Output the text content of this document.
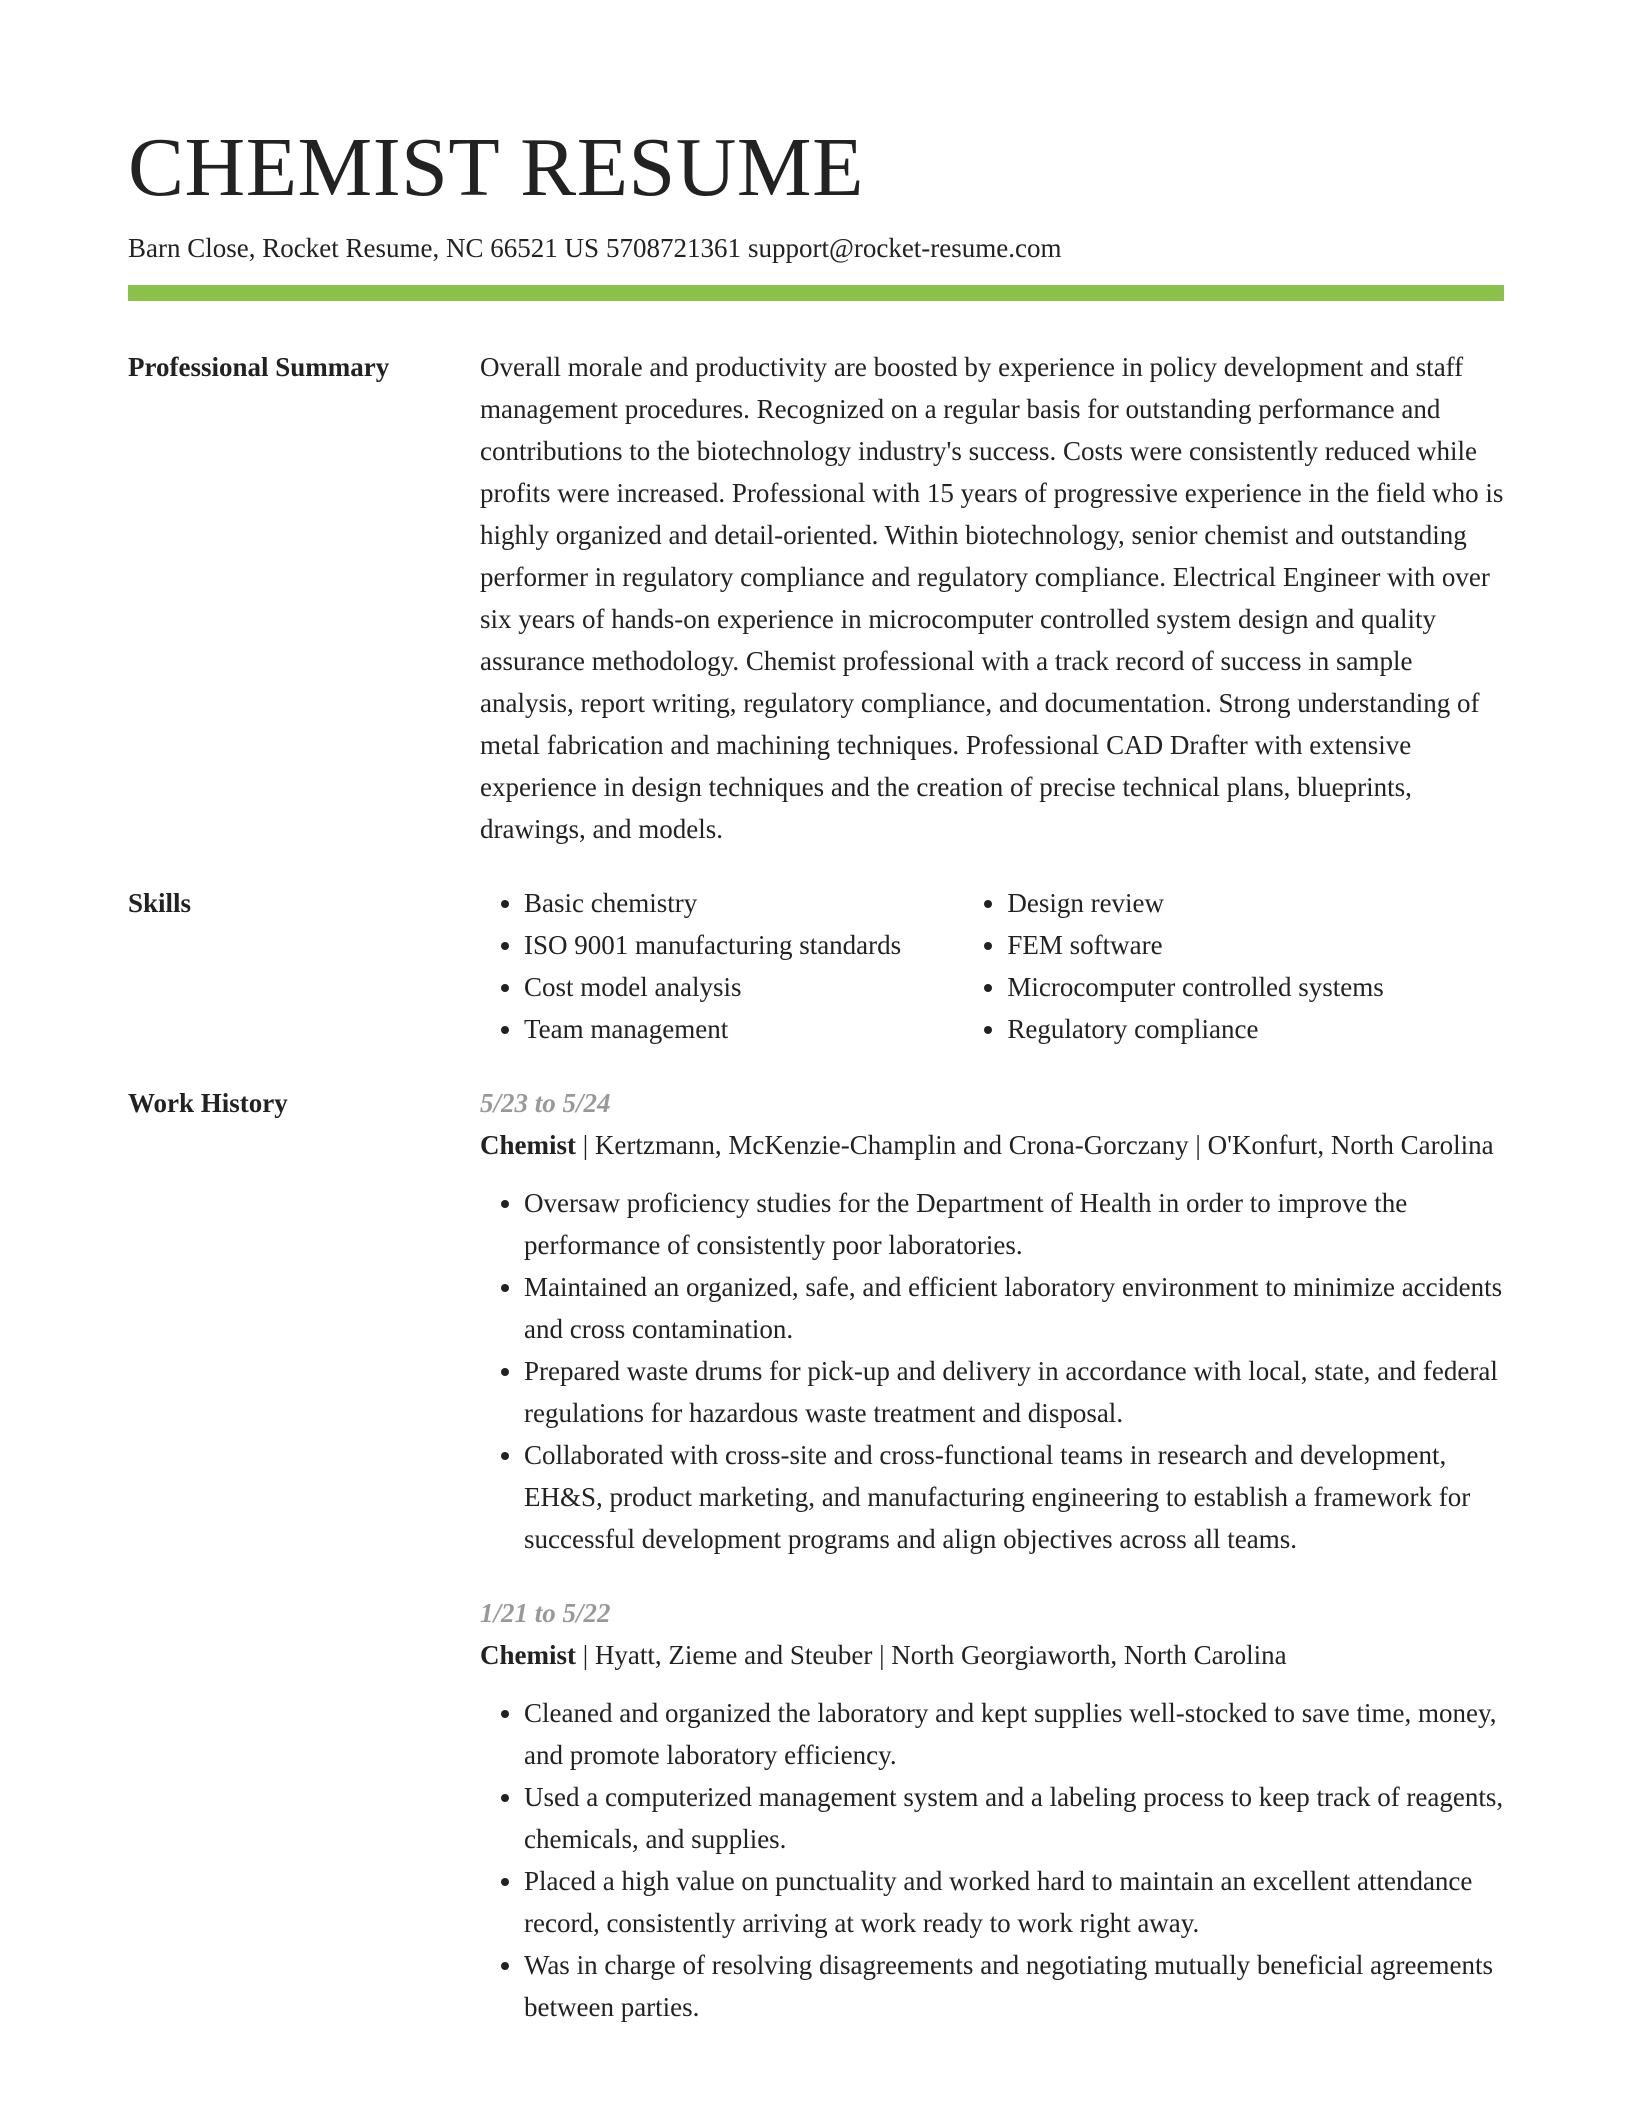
CHEMIST RESUME
Barn Close, Rocket Resume, NC 66521 US 5708721361 support@rocket-resume.com
Professional Summary	Overall morale and productivity are boosted by experience in policy development and staff management procedures. Recognized on a regular basis for outstanding performance and contributions to the biotechnology industry's success. Costs were consistently reduced while profits were increased. Professional with 15 years of progressive experience in the field who is highly organized and detail-oriented. Within biotechnology, senior chemist and outstanding performer in regulatory compliance and regulatory compliance. Electrical Engineer with over six years of hands-on experience in microcomputer controlled system design and quality assurance methodology. Chemist professional with a track record of success in sample analysis, report writing, regulatory compliance, and documentation. Strong understanding of metal fabrication and machining techniques. Professional CAD Drafter with extensive experience in design techniques and the creation of precise technical plans, blueprints, drawings, and models.

Skills
•	Basic chemistry
• ISO 9001 manufacturing standards
• Cost model analysis
• Team management
• Design review
• FEM software
• Microcomputer controlled systems
• Regulatory compliance
Work History	5/23 to 5/24
Chemist | Kertzmann, McKenzie-Champlin and Crona-Gorczany | O'Konfurt, North Carolina
• Oversaw proficiency studies for the Department of Health in order to improve the performance of consistently poor laboratories.
• Maintained an organized, safe, and efficient laboratory environment to minimize accidents and cross contamination.
• Prepared waste drums for pick-up and delivery in accordance with local, state, and federal regulations for hazardous waste treatment and disposal.
• Collaborated with cross-site and cross-functional teams in research and development, EH&S, product marketing, and manufacturing engineering to establish a framework for successful development programs and align objectives across all teams.
1/21 to 5/22
Chemist | Hyatt, Zieme and Steuber | North Georgiaworth, North Carolina
• Cleaned and organized the laboratory and kept supplies well-stocked to save time, money, and promote laboratory efficiency.
• Used a computerized management system and a labeling process to keep track of reagents, chemicals, and supplies.
• Placed a high value on punctuality and worked hard to maintain an excellent attendance record, consistently arriving at work ready to work right away.
• Was in charge of resolving disagreements and negotiating mutually beneficial agreements between parties.
